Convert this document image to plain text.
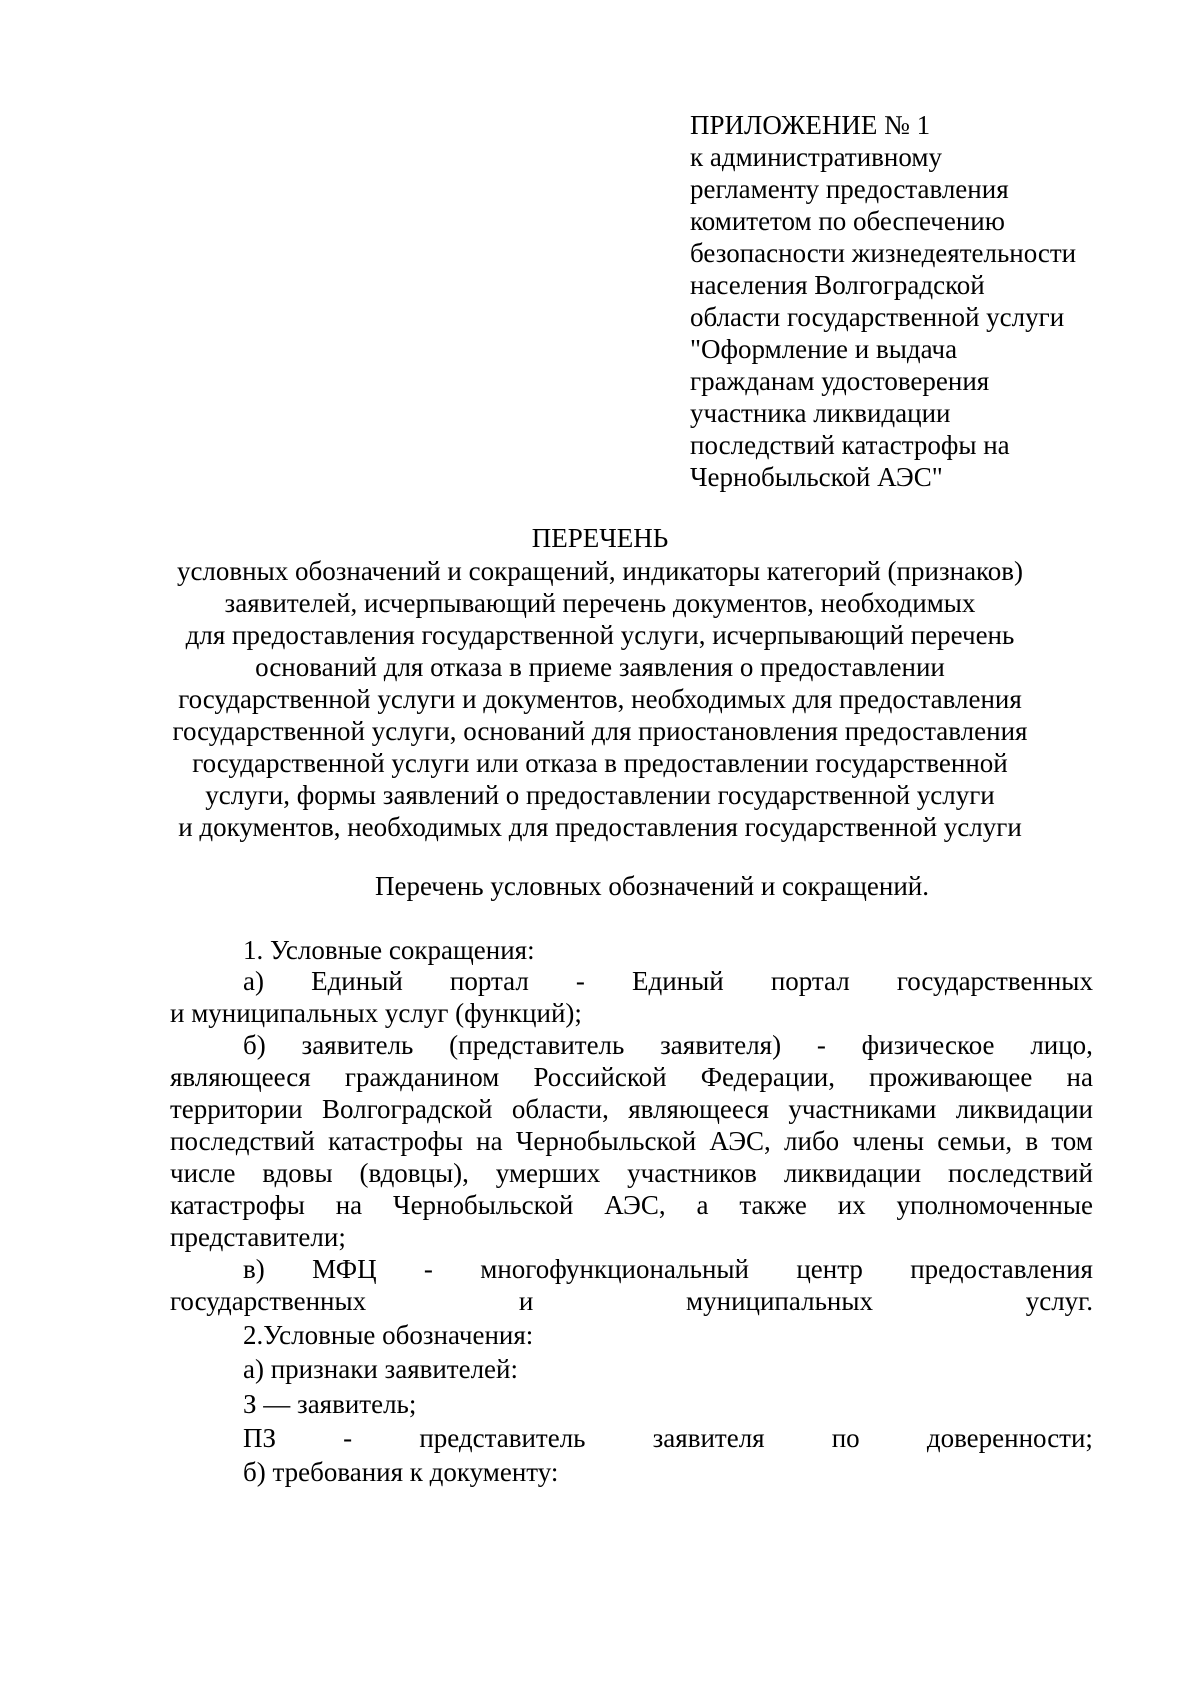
ПРИЛОЖЕНИЕ № 1
к административному
регламенту предоставления
комитетом по обеспечению
безопасности жизнедеятельности
населения Волгоградской
области государственной услуги
"Оформление и выдача
гражданам удостоверения
участника ликвидации
последствий катастрофы на
Чернобыльской АЭС"
ПЕРЕЧЕНЬ
условных обозначений и сокращений, индикаторы категорий (признаков)
заявителей, исчерпывающий перечень документов, необходимых
для предоставления государственной услуги, исчерпывающий перечень
оснований для отказа в приеме заявления о предоставлении
государственной услуги и документов, необходимых для предоставления
государственной услуги, оснований для приостановления предоставления
государственной услуги или отказа в предоставлении государственной
услуги, формы заявлений о предоставлении государственной услуги
и документов, необходимых для предоставления государственной услуги
Перечень условных обозначений и сокращений.
1. Условные сокращения:
а) Единый портал - Единый портал государственных
и муниципальных услуг (функций);
б) заявитель (представитель заявителя) - физическое лицо,
являющееся гражданином Российской Федерации, проживающее на
территории Волгоградской области, являющееся участниками ликвидации
последствий катастрофы на Чернобыльской АЭС, либо члены семьи, в том
числе вдовы (вдовцы), умерших участников ликвидации последствий
катастрофы на Чернобыльской АЭС, а также их уполномоченные
представители;
в) МФЦ - многофункциональный центр предоставления
государственных	и	муниципальных	услуг.
2.Условные обозначения:
а) признаки заявителей:
З — заявитель;
ПЗ - представитель заявителя по доверенности;
б) требования к документу:
